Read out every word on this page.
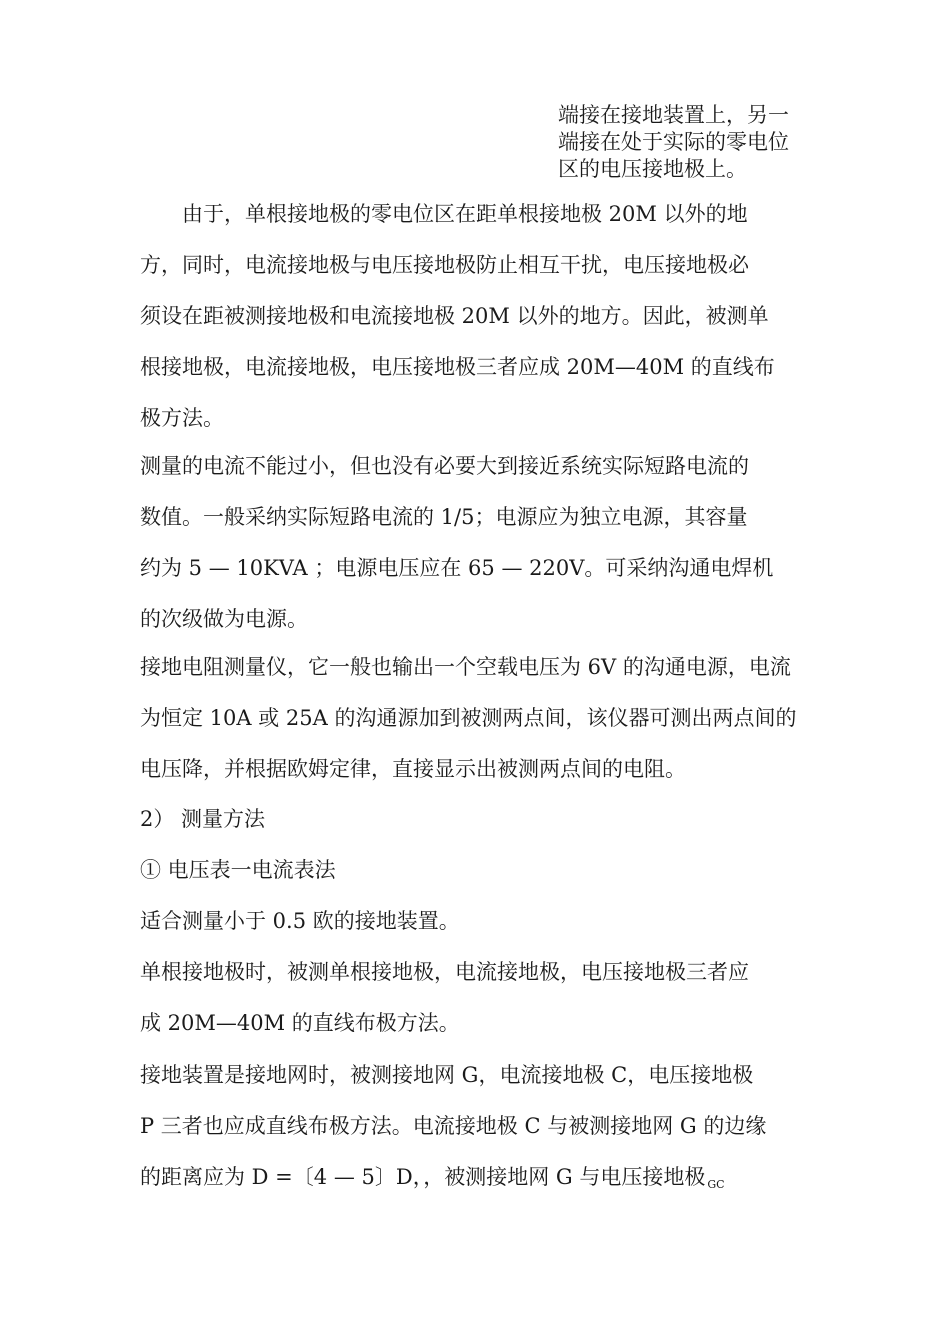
端接在接地装置上，另一
端接在处于实际的零电位
区的电压接地极上。

由于，单根接地极的零电位区在距单根接地极 20M 以外的地
方，同时，电流接地极与电压接地极防止相互干扰，电压接地极必
须设在距被测接地极和电流接地极 20M 以外的地方。因此，被测单
根接地极，电流接地极，电压接地极三者应成 20M—40M 的直线布
极方法。

测量的电流不能过小，但也没有必要大到接近系统实际短路电流的
数值。一般采纳实际短路电流的 1/5；电源应为独立电源，其容量
约为 5 — 10KVA ；电源电压应在 65 — 220V。可采纳沟通电焊机
的次级做为电源。

接地电阻测量仪，它一般也输出一个空载电压为 6V 的沟通电源，电流
为恒定 10A 或 25A 的沟通源加到被测两点间，该仪器可测出两点间的
电压降，并根据欧姆定律，直接显示出被测两点间的电阻。

2） 测量方法

① 电压表一电流表法

适合测量小于 0.5 欧的接地装置。

单根接地极时，被测单根接地极，电流接地极，电压接地极三者应
成 20M—40M 的直线布极方法。

接地装置是接地网时，被测接地网 G，电流接地极 C，电压接地极
P 三者也应成直线布极方法。电流接地极 C 与被测接地网 G 的边缘
的距离应为 D =〔4 — 5〕D，，被测接地网 G 与电压接地极 $_{GC}$
